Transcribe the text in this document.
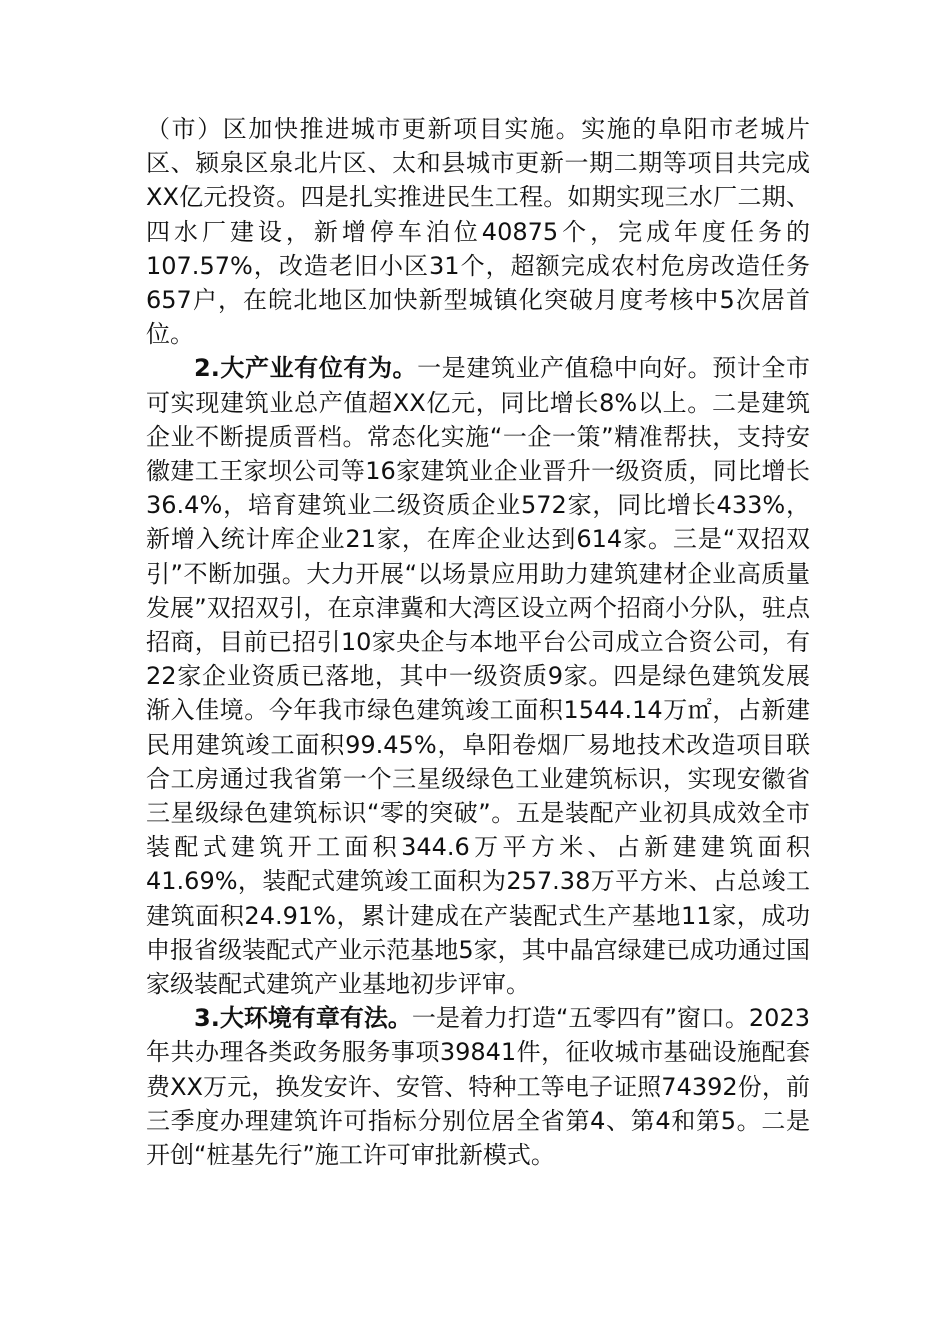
（市）区加快推进城市更新项目实施。实施的阜阳市老城片区、颍泉区泉北片区、太和县城市更新一期二期等项目共完成XX亿元投资。四是扎实推进民生工程。如期实现三水厂二期、四水厂建设，新增停车泊位40875个，完成年度任务的107.57%，改造老旧小区31个，超额完成农村危房改造任务657户，在皖北地区加快新型城镇化突破月度考核中5次居首位。

2.大产业有位有为。一是建筑业产值稳中向好。预计全市可实现建筑业总产值超XX亿元，同比增长8%以上。二是建筑企业不断提质晋档。常态化实施“一企一策”精准帮扶，支持安徽建工王家坝公司等16家建筑业企业晋升一级资质，同比增长36.4%，培育建筑业二级资质企业572家，同比增长433%，新增入统计库企业21家，在库企业达到614家。三是“双招双引”不断加强。大力开展“以场景应用助力建筑建材企业高质量发展”双招双引，在京津冀和大湾区设立两个招商小分队，驻点招商，目前已招引10家央企与本地平台公司成立合资公司，有22家企业资质已落地，其中一级资质9家。四是绿色建筑发展渐入佳境。今年我市绿色建筑竣工面积1544.14万㎡，占新建民用建筑竣工面积99.45%，阜阳卷烟厂易地技术改造项目联合工房通过我省第一个三星级绿色工业建筑标识，实现安徽省三星级绿色建筑标识“零的突破”。五是装配产业初具成效全市装配式建筑开工面积344.6万平方米、占新建建筑面积41.69%，装配式建筑竣工面积为257.38万平方米、占总竣工建筑面积24.91%，累计建成在产装配式生产基地11家，成功申报省级装配式产业示范基地5家，其中晶宫绿建已成功通过国家级装配式建筑产业基地初步评审。

3.大环境有章有法。一是着力打造“五零四有”窗口。2023年共办理各类政务服务事项39841件，征收城市基础设施配套费XX万元，换发安许、安管、特种工等电子证照74392份，前三季度办理建筑许可指标分别位居全省第4、第4和第5。二是开创“桩基先行”施工许可审批新模式。
